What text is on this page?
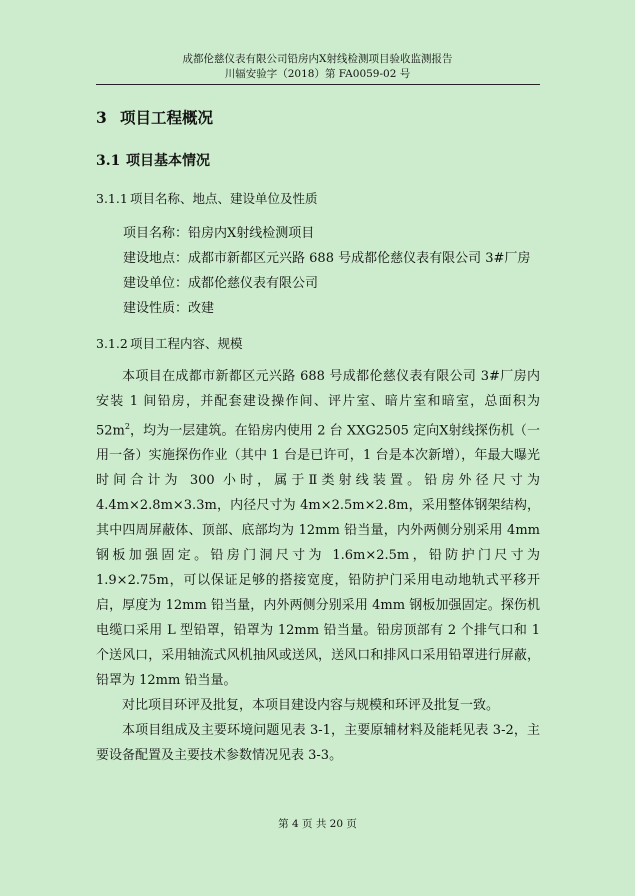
成都伦慈仪表有限公司铅房内Ⅹ射线检测项目验收监测报告
川辐安验字（2018）第 FA0059-02 号
3 项目工程概况
3.1 项目基本情况
3.1.1 项目名称、地点、建设单位及性质
项目名称：铅房内Ⅹ射线检测项目
建设地点：成都市新都区元兴路 688 号成都伦慈仪表有限公司 3#厂房
建设单位：成都伦慈仪表有限公司
建设性质：改建
3.1.2 项目工程内容、规模

本项目在成都市新都区元兴路 688 号成都伦慈仪表有限公司 3#厂房内安装 1 间铅房，并配套建设操作间、评片室、暗片室和暗室，总面积为 $52m^2$，均为一层建筑。在铅房内使用 2 台 XXG2505 定向Ⅹ射线探伤机（一用一备）实施探伤作业（其中 1 台是已许可，1 台是本次新增），年最大曝光时间合计为 300 小时，属于Ⅱ类射线装置。铅房外径尺寸为 4.4m×2.8m×3.3m，内径尺寸为 4m×2.5m×2.8m，采用整体钢架结构，其中四周屏蔽体、顶部、底部均为 12mm 铅当量，内外两侧分别采用 4mm 钢板加强固定。铅房门洞尺寸为 1.6m×2.5m，铅防护门尺寸为 1.9×2.75m，可以保证足够的搭接宽度，铅防护门采用电动地轨式平移开启，厚度为 12mm 铅当量，内外两侧分别采用 4mm 钢板加强固定。探伤机电缆口采用 L 型铅罩，铅罩为 12mm 铅当量。铅房顶部有 2 个排气口和 1 个送风口，采用轴流式风机抽风或送风，送风口和排风口采用铅罩进行屏蔽，铅罩为 12mm 铅当量。

对比项目环评及批复，本项目建设内容与规模和环评及批复一致。

本项目组成及主要环境问题见表 3-1，主要原辅材料及能耗见表 3-2，主要设备配置及主要技术参数情况见表 3-3。

第 4 页 共 20 页
